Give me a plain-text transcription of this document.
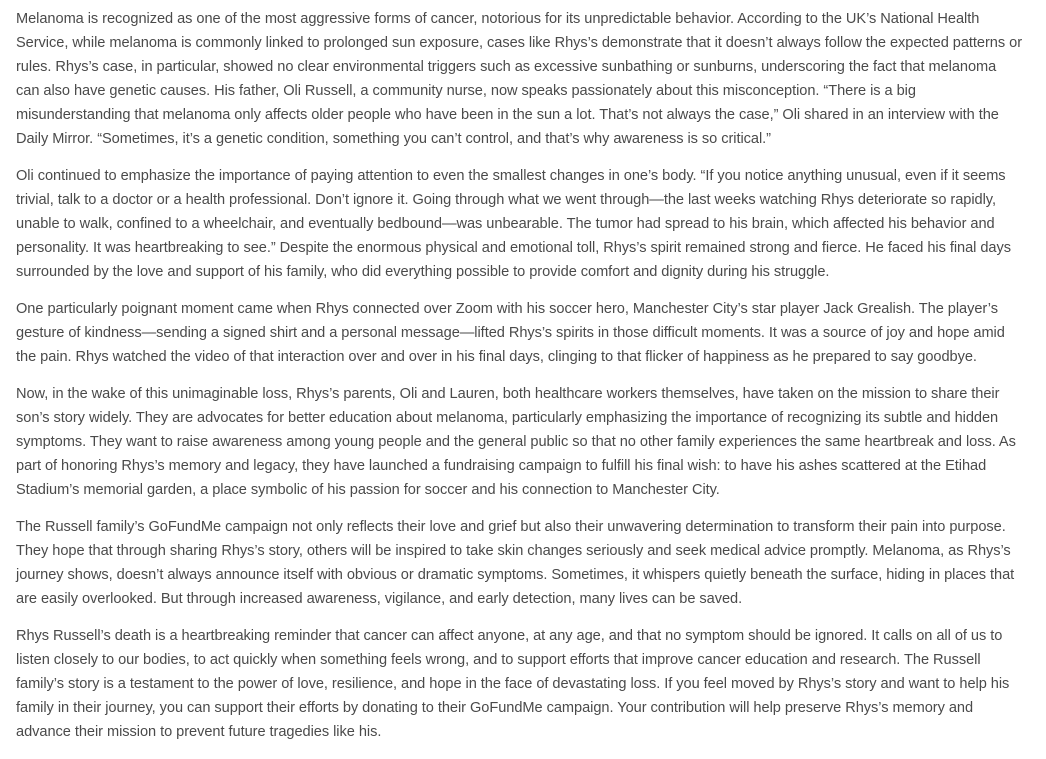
Melanoma is recognized as one of the most aggressive forms of cancer, notorious for its unpredictable behavior. According to the UK’s National Health Service, while melanoma is commonly linked to prolonged sun exposure, cases like Rhys’s demonstrate that it doesn’t always follow the expected patterns or rules. Rhys’s case, in particular, showed no clear environmental triggers such as excessive sunbathing or sunburns, underscoring the fact that melanoma can also have genetic causes. His father, Oli Russell, a community nurse, now speaks passionately about this misconception. “There is a big misunderstanding that melanoma only affects older people who have been in the sun a lot. That’s not always the case,” Oli shared in an interview with the Daily Mirror. “Sometimes, it’s a genetic condition, something you can’t control, and that’s why awareness is so critical.”

Oli continued to emphasize the importance of paying attention to even the smallest changes in one’s body. “If you notice anything unusual, even if it seems trivial, talk to a doctor or a health professional. Don’t ignore it. Going through what we went through—the last weeks watching Rhys deteriorate so rapidly, unable to walk, confined to a wheelchair, and eventually bedbound—was unbearable. The tumor had spread to his brain, which affected his behavior and personality. It was heartbreaking to see.” Despite the enormous physical and emotional toll, Rhys’s spirit remained strong and fierce. He faced his final days surrounded by the love and support of his family, who did everything possible to provide comfort and dignity during his struggle.

One particularly poignant moment came when Rhys connected over Zoom with his soccer hero, Manchester City’s star player Jack Grealish. The player’s gesture of kindness—sending a signed shirt and a personal message—lifted Rhys’s spirits in those difficult moments. It was a source of joy and hope amid the pain. Rhys watched the video of that interaction over and over in his final days, clinging to that flicker of happiness as he prepared to say goodbye.

Now, in the wake of this unimaginable loss, Rhys’s parents, Oli and Lauren, both healthcare workers themselves, have taken on the mission to share their son’s story widely. They are advocates for better education about melanoma, particularly emphasizing the importance of recognizing its subtle and hidden symptoms. They want to raise awareness among young people and the general public so that no other family experiences the same heartbreak and loss. As part of honoring Rhys’s memory and legacy, they have launched a fundraising campaign to fulfill his final wish: to have his ashes scattered at the Etihad Stadium’s memorial garden, a place symbolic of his passion for soccer and his connection to Manchester City.

The Russell family’s GoFundMe campaign not only reflects their love and grief but also their unwavering determination to transform their pain into purpose. They hope that through sharing Rhys’s story, others will be inspired to take skin changes seriously and seek medical advice promptly. Melanoma, as Rhys’s journey shows, doesn’t always announce itself with obvious or dramatic symptoms. Sometimes, it whispers quietly beneath the surface, hiding in places that are easily overlooked. But through increased awareness, vigilance, and early detection, many lives can be saved.

Rhys Russell’s death is a heartbreaking reminder that cancer can affect anyone, at any age, and that no symptom should be ignored. It calls on all of us to listen closely to our bodies, to act quickly when something feels wrong, and to support efforts that improve cancer education and research. The Russell family’s story is a testament to the power of love, resilience, and hope in the face of devastating loss. If you feel moved by Rhys’s story and want to help his family in their journey, you can support their efforts by donating to their GoFundMe campaign. Your contribution will help preserve Rhys’s memory and advance their mission to prevent future tragedies like his.
